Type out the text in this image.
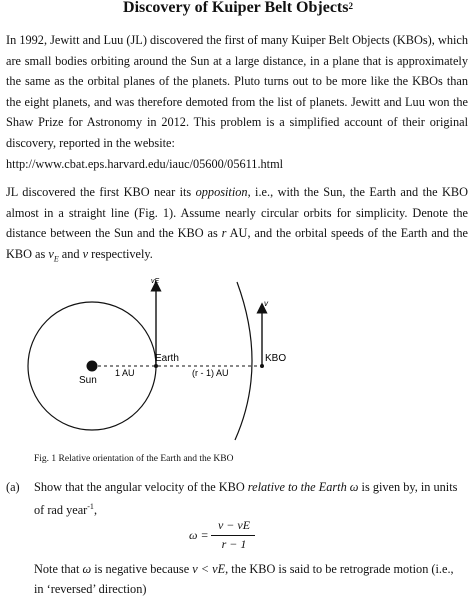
Discovery of Kuiper Belt Objects$^2$

In 1992, Jewitt and Luu (JL) discovered the first of many Kuiper Belt Objects (KBOs), which are small bodies orbiting around the Sun at a large distance, in a plane that is approximately the same as the orbital planes of the planets. Pluto turns out to be more like the KBOs than the eight planets, and was therefore demoted from the list of planets. Jewitt and Luu won the Shaw Prize for Astronomy in 2012. This problem is a simplified account of their original discovery, reported in the website:
http://www.cbat.eps.harvard.edu/iauc/05600/05611.html

JL discovered the first KBO near its opposition, i.e., with the Sun, the Earth and the KBO almost in a straight line (Fig. 1). Assume nearly circular orbits for simplicity. Denote the distance between the Sun and the KBO as r AU, and the orbital speeds of the Earth and the KBO as $v_E$ and v respectively.

vE
v
Earth	KBO
Sun
1 AU	(r - 1) AU
Fig. 1 Relative orientation of the Earth and the KBO
(a) Show that the angular velocity of the KBO relative to the Earth ω is given by, in units of rad year$^{-1}$,

ω =
v − vE
r − 1

Note that ω is negative because v < vE, the KBO is said to be retrograde motion (i.e., in ‘reversed’ direction)
